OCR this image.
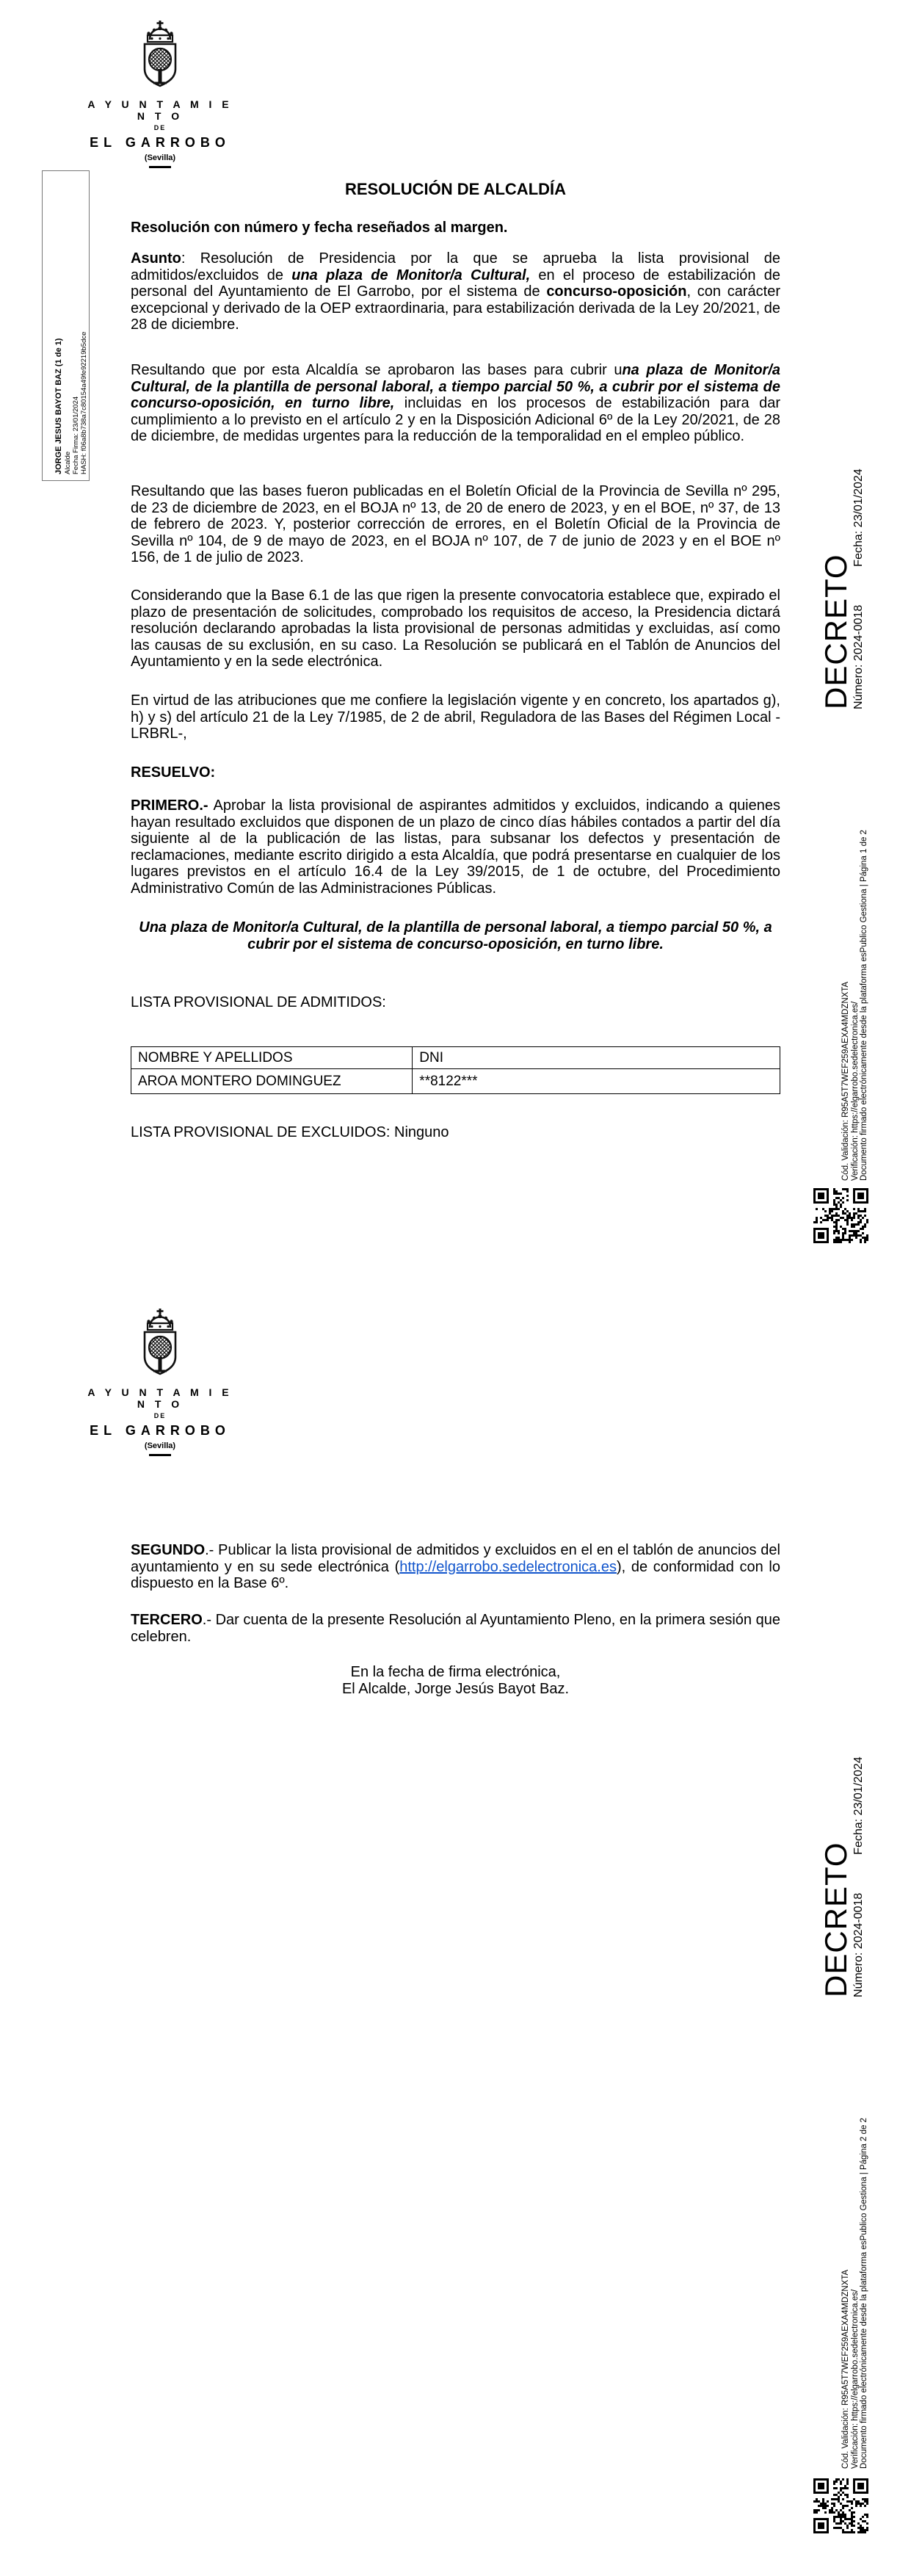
A Y U N T A M I E N T O
DE
EL GARROBO
(Sevilla)
JORGE JESUS BAYOT BAZ (1 de 1) Alcalde Fecha Firma: 23/01/2024 HASH: f06a8b738a7c80154a49fe92219b5dce
RESOLUCIÓN DE ALCALDÍA
Resolución con número y fecha reseñados al margen.
Asunto: Resolución de Presidencia por la que se aprueba la lista provisional de admitidos/excluidos de una plaza de Monitor/a Cultural, en el proceso de estabilización de personal del Ayuntamiento de El Garrobo, por el sistema de concurso-oposición, con carácter excepcional y derivado de la OEP extraordinaria, para estabilización derivada de la Ley 20/2021, de 28 de diciembre.
Resultando que por esta Alcaldía se aprobaron las bases para cubrir una plaza de Monitor/a Cultural, de la plantilla de personal laboral, a tiempo parcial 50 %, a cubrir por el sistema de concurso-oposición, en turno libre, incluidas en los procesos de estabilización para dar cumplimiento a lo previsto en el artículo 2 y en la Disposición Adicional 6º de la Ley 20/2021, de 28 de diciembre, de medidas urgentes para la reducción de la temporalidad en el empleo público.
Resultando que las bases fueron publicadas en el Boletín Oficial de la Provincia de Sevilla nº 295, de 23 de diciembre de 2023, en el BOJA nº 13, de 20 de enero de 2023, y en el BOE, nº 37, de 13 de febrero de 2023. Y, posterior corrección de errores, en el Boletín Oficial de la Provincia de Sevilla nº 104, de 9 de mayo de 2023, en el BOJA nº 107, de 7 de junio de 2023 y en el BOE nº 156, de 1 de julio de 2023.
Considerando que la Base 6.1 de las que rigen la presente convocatoria establece que, expirado el plazo de presentación de solicitudes, comprobado los requisitos de acceso, la Presidencia dictará resolución declarando aprobadas la lista provisional de personas admitidas y excluidas, así como las causas de su exclusión, en su caso. La Resolución se publicará en el Tablón de Anuncios del Ayuntamiento y en la sede electrónica.
En virtud de las atribuciones que me confiere la legislación vigente y en concreto, los apartados g), h) y s) del artículo 21 de la Ley 7/1985, de 2 de abril, Reguladora de las Bases del Régimen Local -LRBRL-,
RESUELVO:
PRIMERO.- Aprobar la lista provisional de aspirantes admitidos y excluidos, indicando a quienes hayan resultado excluidos que disponen de un plazo de cinco días hábiles contados a partir del día siguiente al de la publicación de las listas, para subsanar los defectos y presentación de reclamaciones, mediante escrito dirigido a esta Alcaldía, que podrá presentarse en cualquier de los lugares previstos en el artículo 16.4 de la Ley 39/2015, de 1 de octubre, del Procedimiento Administrativo Común de las Administraciones Públicas.
Una plaza de Monitor/a Cultural, de la plantilla de personal laboral, a tiempo parcial 50 %, a cubrir por el sistema de concurso-oposición, en turno libre.
LISTA PROVISIONAL DE ADMITIDOS:
NOMBRE Y APELLIDOS	DNI
AROA MONTERO DOMINGUEZ	**8122***
LISTA PROVISIONAL DE EXCLUIDOS: Ninguno
DECRETO Número: 2024-0018Fecha: 23/01/2024
Cód. Validación: R95A5T7WEF259AEXA4MDZNXTA Verificación: https://elgarrobo.sedelectronica.es/ Documento firmado electrónicamente desde la plataforma esPublico Gestiona | Página 1 de 2
A Y U N T A M I E N T O
DE
EL GARROBO
(Sevilla)
SEGUNDO.- Publicar la lista provisional de admitidos y excluidos en el en el tablón de anuncios del ayuntamiento y en su sede electrónica (http://elgarrobo.sedelectronica.es), de conformidad con lo dispuesto en la Base 6º.
TERCERO.- Dar cuenta de la presente Resolución al Ayuntamiento Pleno, en la primera sesión que celebren.
En la fecha de firma electrónica,
El Alcalde, Jorge Jesús Bayot Baz.
DECRETO Número: 2024-0018Fecha: 23/01/2024
Cód. Validación: R95A5T7WEF259AEXA4MDZNXTA Verificación: https://elgarrobo.sedelectronica.es/ Documento firmado electrónicamente desde la plataforma esPublico Gestiona | Página 2 de 2
